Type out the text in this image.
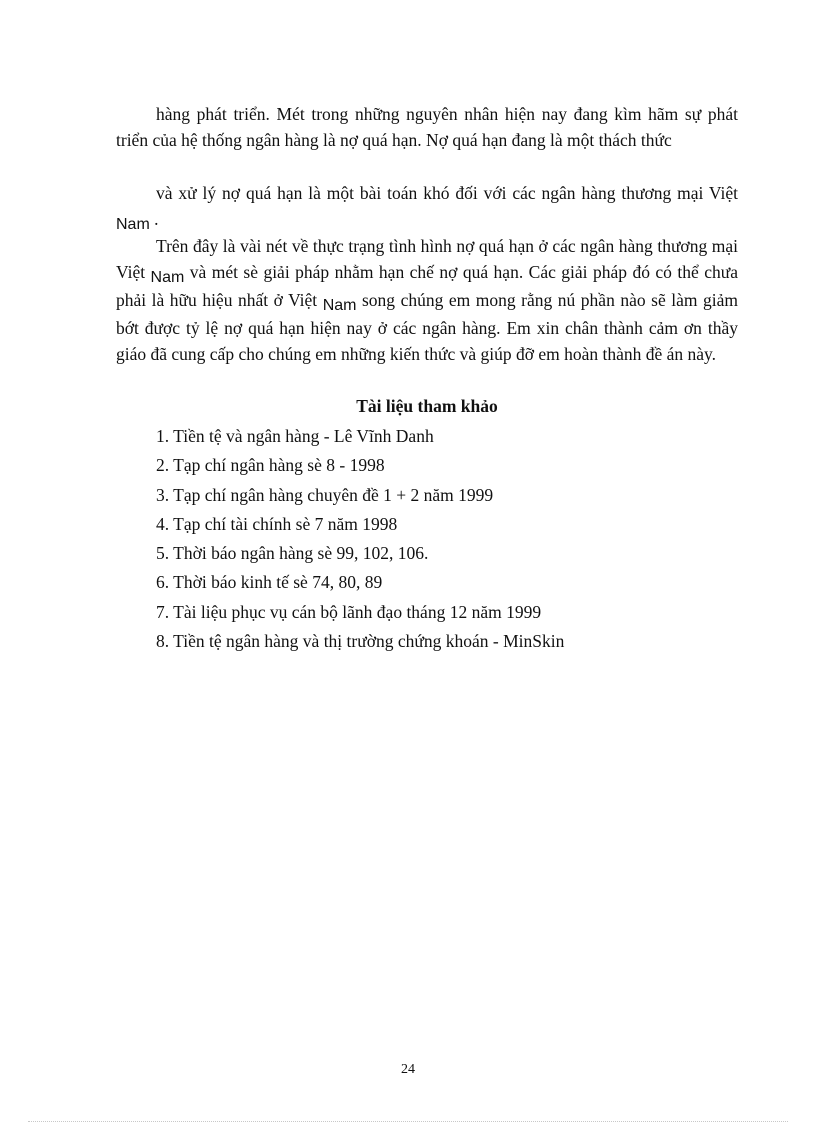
hàng phát triển. Mét trong những nguyên nhân hiện nay đang kìm hãm sự phát triển của hệ thống ngân hàng là nợ quá hạn. Nợ quá hạn đang là một thách thức

và xử lý nợ quá hạn là một bài toán khó đối với các ngân hàng thương mại Việt Nam .

Trên đây là vài nét về thực trạng tình hình nợ quá hạn ở các ngân hàng thương mại Việt Nam và mét sè giải pháp nhằm hạn chế nợ quá hạn. Các giải pháp đó có thể chưa phải là hữu hiệu nhất ở Việt Nam song chúng em mong rằng nú phần nào sẽ làm giảm bớt được tỷ lệ nợ quá hạn hiện nay ở các ngân hàng. Em xin chân thành cảm ơn thầy giáo đã cung cấp cho chúng em những kiến thức và giúp đỡ em hoàn thành đề án này.

Tài liệu tham khảo
1. Tiền tệ và ngân hàng - Lê Vĩnh Danh
2. Tạp chí ngân hàng sè 8 - 1998
3. Tạp chí ngân hàng chuyên đề 1 + 2 năm 1999
4. Tạp chí tài chính sè 7 năm 1998
5. Thời báo ngân hàng sè 99, 102, 106.
6. Thời báo kinh tế sè 74, 80, 89
7. Tài liệu phục vụ cán bộ lãnh đạo tháng 12 năm 1999
8. Tiền tệ ngân hàng và thị trường chứng khoán - MinSkin
24
